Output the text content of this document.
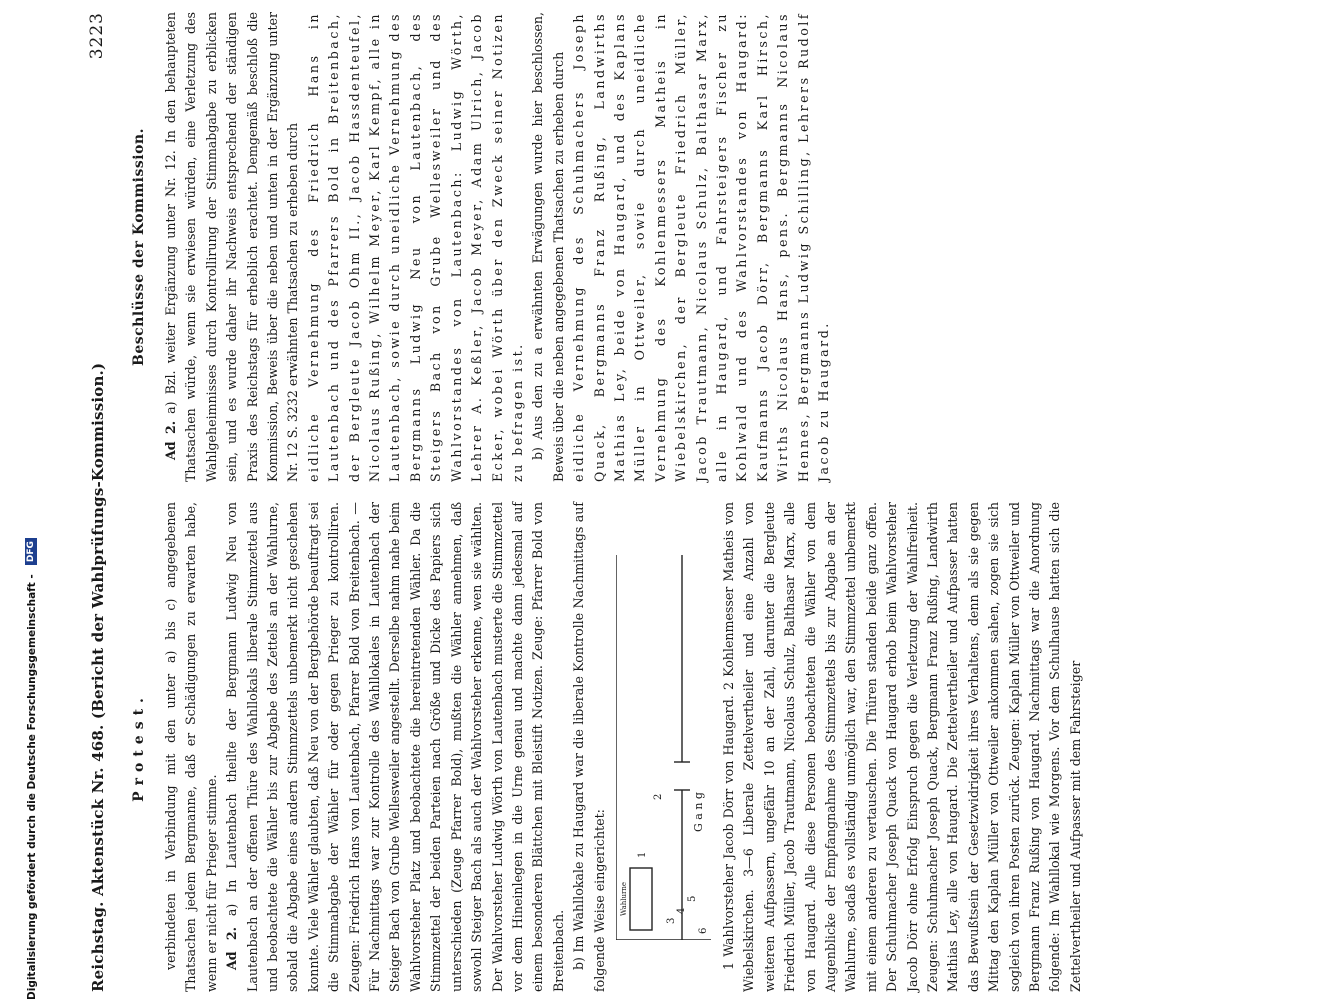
Reichstag. Aktenstück Nr. 468. (Bericht der Wahlprüfungs-Kommission.)
3223
Protest.
Beschlüsse der Kommission.

verbindeten in Verbindung mit den unter a) bis c) angegebenen Thatsachen jedem Bergmanne, daß er Schädigungen zu erwarten habe, wenn er nicht für Prieger stimme. Ad 2. a) In Lautenbach theilte der Bergmann Ludwig Neu von Lautenbach an der offenen Thüre des Wahllokals liberale Stimmzettel aus und beobachtete die Wähler bis zur Abgabe des Zettels an der Wahlurne, sobald die Abgabe eines andern Stimmzettels unbemerkt nicht geschehen konnte. Viele Wähler glaubten, daß Neu von der Bergbehörde beauftragt sei die Stimmabgabe der Wähler für oder gegen Prieger zu kontrolliren. Zeugen: Friedrich Hans von Lautenbach, Pfarrer Bold von Breitenbach. — Für Nachmittags war zur Kontrolle des Wahllokales in Lautenbach der Steiger Bach von Grube Wellesweiler angestellt. Derselbe nahm nahe beim Wahlvorsteher Platz und beobachtete die hereintretenden Wähler. Da die Stimmzettel der beiden Parteien nach Größe und Dicke des Papiers sich unterschieden (Zeuge Pfarrer Bold), mußten die Wähler annehmen, daß sowohl Steiger Bach als auch der Wahlvorsteher erkenne, wen sie wählten. Der Wahlvorsteher Ludwig Wörth von Lautenbach musterte die Stimmzettel vor dem Hineinlegen in die Urne genau und machte dann jedesmal auf einem besonderen Blättchen mit Bleistift Notizen. Zeuge: Pfarrer Bold von Breitenbach. b) Im Wahllokale zu Haugard war die liberale Kontrolle Nachmittags auf folgende Weise eingerichtet:	Wahlurne
1
2
3
4
5
6
G a n g 1 Wahlvorsteher Jacob Dörr von Haugard. 2 Kohlenmesser Matheis von Wiebelskirchen. 3—6 Liberale Zettelvertheiler und eine Anzahl von weiteren Aufpassern, ungefähr 10 an der Zahl, darunter die Bergleute Friedrich Müller, Jacob Trautmann, Nicolaus Schulz, Balthasar Marx, alle von Haugard. Alle diese Personen beobachteten die Wähler von dem Augenblicke der Empfangnahme des Stimmzettels bis zur Abgabe an der Wahlurne, sodaß es vollständig unmöglich war, den Stimmzettel unbemerkt mit einem anderen zu vertauschen. Die Thüren standen beide ganz offen. Der Schuhmacher Joseph Quack von Haugard erhob beim Wahlvorsteher Jacob Dörr ohne Erfolg Einspruch gegen die Verletzung der Wahlfreiheit. Zeugen: Schuhmacher Joseph Quack, Bergmann Franz Rußing, Landwirth Mathias Ley, alle von Haugard. Die Zettelvertheiler und Aufpasser hatten das Bewußtsein der Gesetzwidrigkeit ihres Verhaltens, denn als sie gegen Mittag den Kaplan Müller von Ottweiler ankommen sahen, zogen sie sich sogleich von ihren Posten zurück. Zeugen: Kaplan Müller von Ottweiler und Bergmann Franz Rußing von Haugard. Nachmittags war die Anordnung folgende: Im Wahllokal wie Morgens. Vor dem Schulhause hatten sich die Zettelvertheiler und Aufpasser mit dem Fahrsteiger

Ad 2. a) Bzl. weiter Ergänzung unter Nr. 12. In den behaupteten Thatsachen würde, wenn sie erwiesen würden, eine Verletzung des Wahlgeheimnisses durch Kontrollirung der Stimmabgabe zu erblicken sein, und es wurde daher ihr Nachweis entsprechend der ständigen Praxis des Reichstags für erheblich erachtet. Demgemäß beschloß die Kommission, Beweis über die neben und unten in der Ergänzung unter Nr. 12 S. 3232 erwähnten Thatsachen zu erheben durch eidliche Vernehmung des Friedrich Hans in Lautenbach und des Pfarrers Bold in Breitenbach, der Bergleute Jacob Ohm II., Jacob Hassdenteufel, Nicolaus Rußing, Wilhelm Meyer, Karl Kempf, alle in Lautenbach, sowie durch uneidliche Vernehmung des Bergmanns Ludwig Neu von Lautenbach, des Steigers Bach von Grube Wellesweiler und des Wahlvorstandes von Lautenbach: Ludwig Wörth, Lehrer A. Keßler, Jacob Meyer, Adam Ulrich, Jacob Ecker, wobei Wörth über den Zweck seiner Notizen zu befragen ist. b) Aus den zu a erwähnten Erwägungen wurde hier beschlossen, Beweis über die neben angegebenen Thatsachen zu erheben durch eidliche Vernehmung des Schuhmachers Joseph Quack, Bergmanns Franz Rußing, Landwirths Mathias Ley, beide von Haugard, und des Kaplans Müller in Ottweiler, sowie durch uneidliche Vernehmung des Kohlenmessers Matheis in Wiebelskirchen, der Bergleute Friedrich Müller, Jacob Trautmann, Nicolaus Schulz, Balthasar Marx, alle in Haugard, und Fahrsteigers Fischer zu Kohlwald und des Wahlvorstandes von Haugard: Kaufmanns Jacob Dörr, Bergmanns Karl Hirsch, Wirths Nicolaus Hans, pens. Bergmanns Nicolaus Hennes, Bergmanns Ludwig Schilling, Lehrers Rudolf Jacob zu Haugard.

Digitalisierung gefördert durch die Deutsche Forschungsgemeinschaft - DFG
